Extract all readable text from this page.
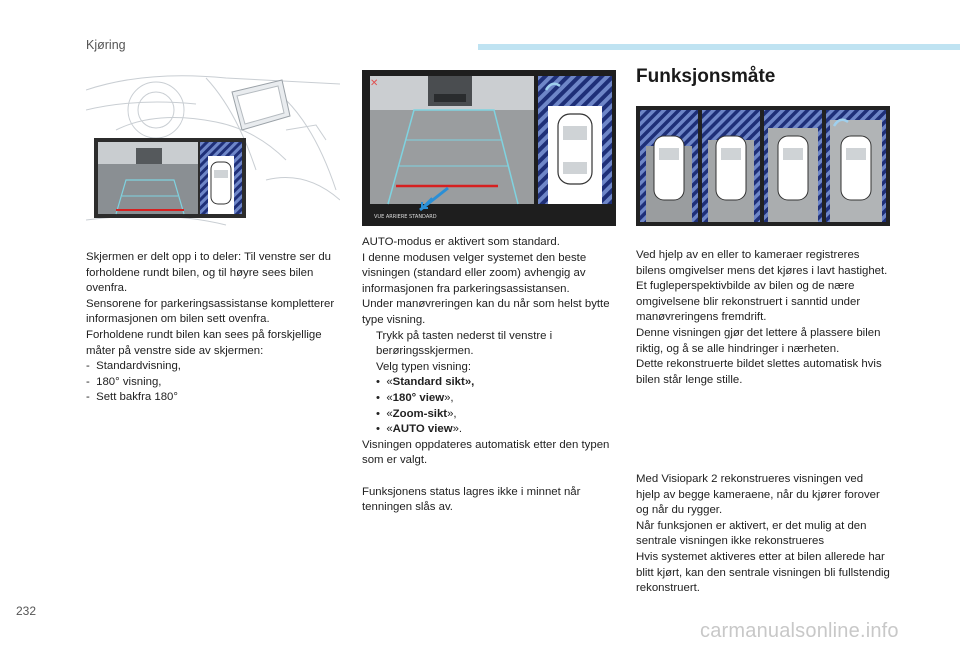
Kjøring
✕
VUE ARRIERE STANDARD

Skjermen er delt opp i to deler: Til venstre ser du forholdene rundt bilen, og til høyre sees bilen ovenfra.

Sensorene for parkeringsassistanse kompletterer informasjonen om bilen sett ovenfra.

Forholdene rundt bilen kan sees på forskjellige måter på venstre side av skjermen:

-  Standardvisning,

-  180° visning,

-  Sett bakfra 180°

AUTO-modus er aktivert som standard.

I denne modusen velger systemet den beste visningen (standard eller zoom) avhengig av informasjonen fra parkeringsassistansen.

Under manøvreringen kan du når som helst bytte type visning.

Trykk på tasten nederst til venstre i berøringsskjermen.

Velg typen visning:

•  «Standard sikt»,

•  «180° view»,

•  «Zoom-sikt»,

•  «AUTO view».

Visningen oppdateres automatisk etter den typen som er valgt.

Funksjonens status lagres ikke i minnet når tenningen slås av.

Funksjonsmåte

Ved hjelp av en eller to kameraer registreres bilens omgivelser mens det kjøres i lavt hastighet.

Et fugleperspektivbilde av bilen og de nære omgivelsene blir rekonstruert i sanntid under manøvreringens fremdrift.

Denne visningen gjør det lettere å plassere bilen riktig, og å se alle hindringer i nærheten.

Dette rekonstruerte bildet slettes automatisk hvis bilen står lenge stille.

Med Visiopark 2 rekonstrueres visningen ved hjelp av begge kameraene, når du kjører forover og når du rygger.

Når funksjonen er aktivert, er det mulig at den sentrale visningen ikke rekonstrueres

Hvis systemet aktiveres etter at bilen allerede har blitt kjørt, kan den sentrale visningen bli fullstendig rekonstruert.

232
carmanualsonline.info
